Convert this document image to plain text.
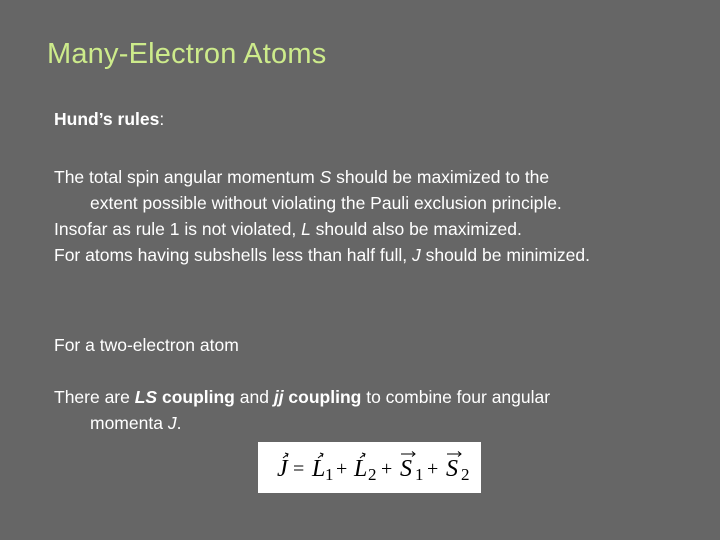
Many-Electron Atoms
Hund’s rules:
The total spin angular momentum S should be maximized to the
extent possible without violating the Pauli exclusion principle.
Insofar as rule 1 is not violated, L should also be maximized.
For atoms having subshells less than half full, J should be minimized.
For a two-electron atom
There are LS coupling and jj coupling to combine four angular
momenta J.
J = L 1 + L 2 + S 1 + S 2
